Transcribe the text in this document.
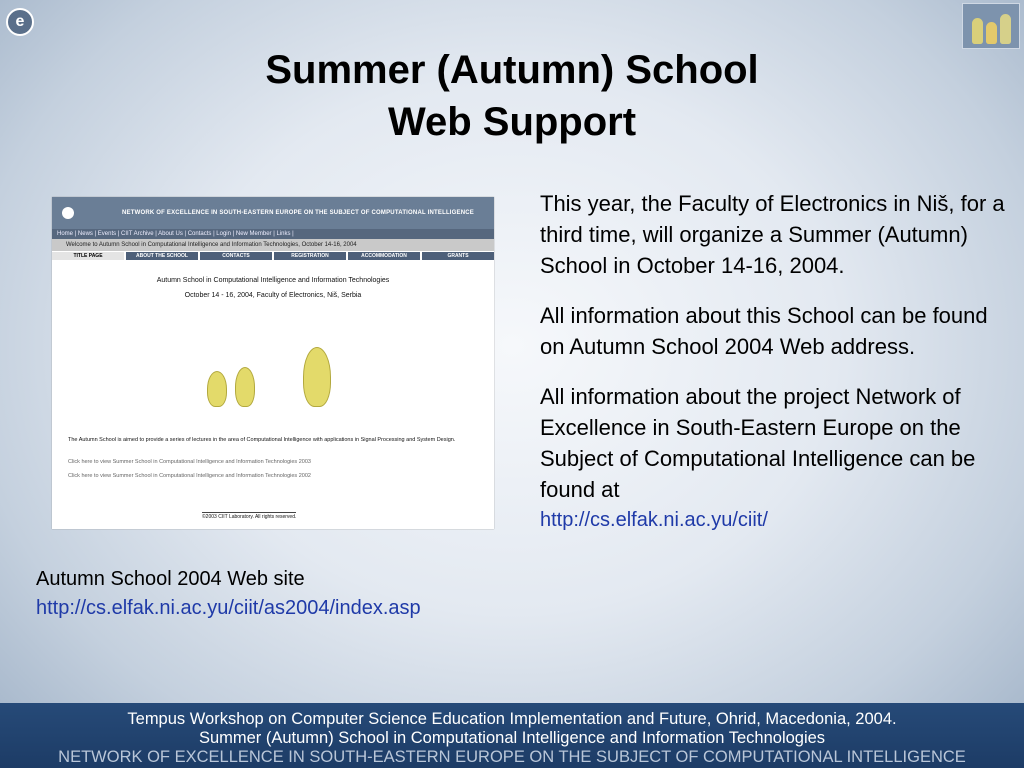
e
Summer (Autumn) School
Web Support
NETWORK OF EXCELLENCE IN SOUTH-EASTERN EUROPE ON THE SUBJECT OF COMPUTATIONAL INTELLIGENCE
Home | News | Events | CIIT Archive | About Us | Contacts | Login | New Member | Links |
Welcome to Autumn School in Computational Intelligence and Information Technologies, October 14-16, 2004
TITLE PAGE	ABOUT THE SCHOOL	CONTACTS	REGISTRATION	ACCOMMODATION	GRANTS
Autumn School in Computational Intelligence and Information Technologies
October 14 - 16, 2004, Faculty of Electronics, Niš, Serbia
The Autumn School is aimed to provide a series of lectures in the area of Computational Intelligence with applications in Signal Processing and System Design.
Click here to view Summer School in Computational Intelligence and Information Technologies 2003
Click here to view Summer School in Computational Intelligence and Information Technologies 2002
©2003 CIIT Laboratory. All rights reserved.
Autumn School 2004 Web site
http://cs.elfak.ni.ac.yu/ciit/as2004/index.asp

This year, the Faculty of Electronics in Niš, for a third time, will organize a Summer (Autumn) School in October 14-16, 2004.

All information about this School can be found on Autumn School 2004 Web address.

All information about the project Network of Excellence in South-Eastern Europe on the Subject of Computational Intelligence can be found at

http://cs.elfak.ni.ac.yu/ciit/
Tempus Workshop on Computer Science Education Implementation and Future, Ohrid, Macedonia, 2004.
Summer (Autumn) School in Computational Intelligence and Information Technologies
NETWORK OF EXCELLENCE IN SOUTH-EASTERN EUROPE ON THE SUBJECT OF COMPUTATIONAL INTELLIGENCE
